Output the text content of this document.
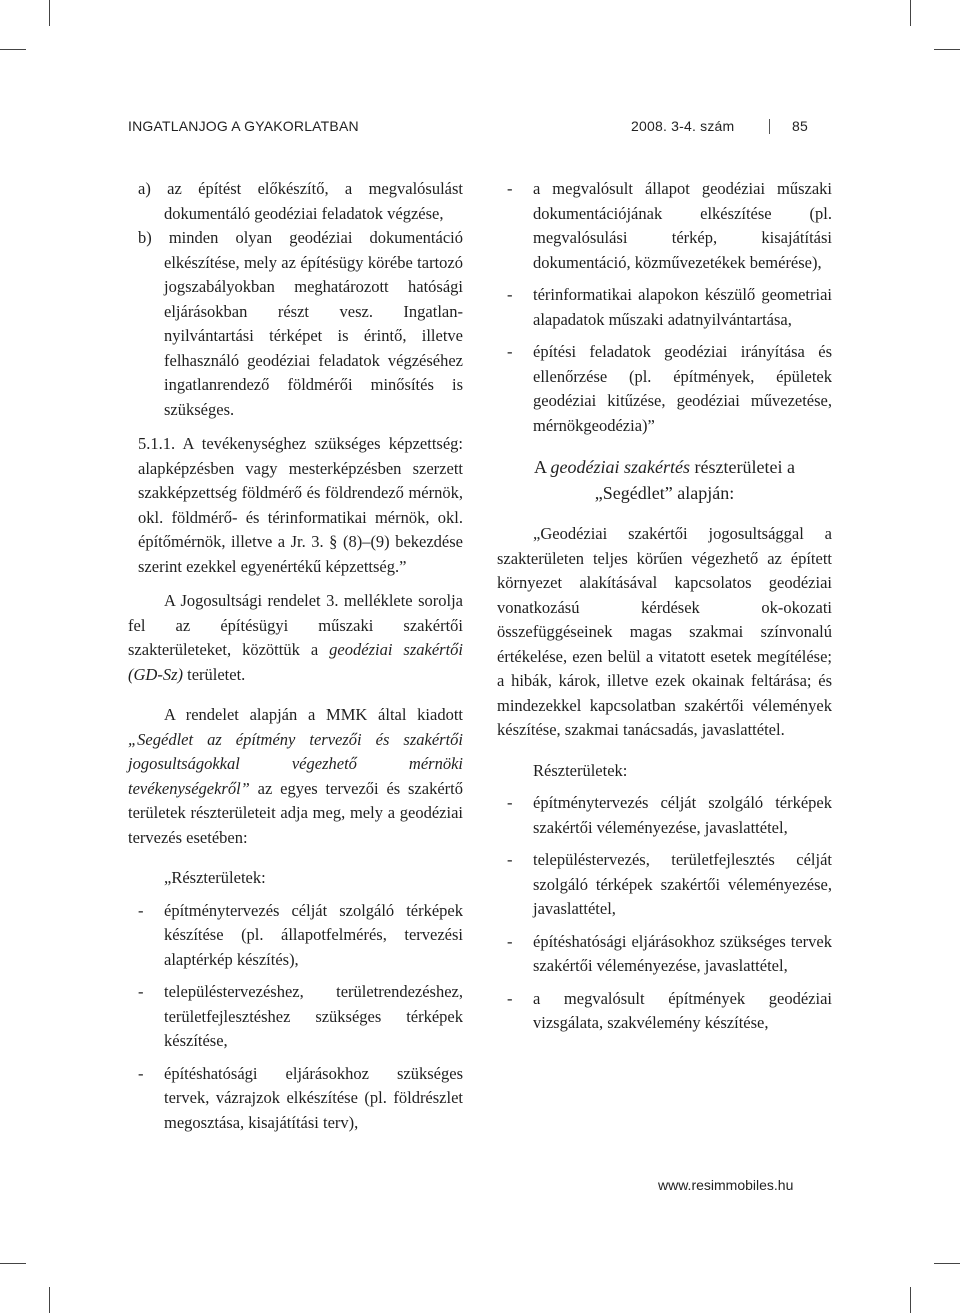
INGATLANJOG A GYAKORLATBAN	2008. 3-4. szám	85

a) az építést előkészítő, a megvalósulást dokumentáló geodéziai feladatok végzése,

b) minden olyan geodéziai dokumentáció elkészítése, mely az építésügy körébe tartozó jogszabályokban meghatározott hatósági eljárásokban részt vesz. Ingatlan-nyilvántartási térképet is érintő, illetve felhasználó geodéziai feladatok végzéséhez ingatlanrendező földmérői minősítés is szükséges.

5.1.1. A tevékenységhez szükséges képzettség: alapképzésben vagy mesterképzésben szerzett szakképzettség földmérő és földrendező mérnök, okl. földmérő- és térinformatikai mérnök, okl. építőmérnök, illetve a Jr. 3. § (8)–(9) bekezdése szerint ezekkel egyenértékű képzettség.”

A Jogosultsági rendelet 3. melléklete sorolja fel az építésügyi műszaki szakértői szakterületeket, közöttük a geodéziai szakértői (GD-Sz) területet.

A rendelet alapján a MMK által kiadott „Segédlet az építmény tervezői és szakértői jogosultságokkal végezhető mérnöki tevékenységekről” az egyes tervezői és szakértő területek részterületeit adja meg, mely a geodéziai tervezés esetében:

„Részterületek:

- építménytervezés célját szolgáló térképek készítése (pl. állapotfelmérés, tervezési alaptérkép készítés),

- településtervezéshez, területrendezéshez, területfejlesztéshez szükséges térképek készítése,

- építéshatósági eljárásokhoz szükséges tervek, vázrajzok elkészítése (pl. földrészlet megosztása, kisajátítási terv),

- a megvalósult állapot geodéziai műszaki dokumentációjának elkészítése (pl. megvalósulási térkép, kisajátítási dokumentáció, közművezetékek bemérése),

- térinformatikai alapokon készülő geometriai alapadatok műszaki adatnyilvántartása,

- építési feladatok geodéziai irányítása és ellenőrzése (pl. építmények, épületek geodéziai kitűzése, geodéziai művezetése, mérnökgeodézia)”

A geodéziai szakértés részterületei a „Segédlet” alapján:

„Geodéziai szakértői jogosultsággal a szakterületen teljes körűen végezhető az épített környezet alakításával kapcsolatos geodéziai vonatkozású kérdések ok-okozati összefüggéseinek magas szakmai színvonalú értékelése, ezen belül a vitatott esetek megítélése; a hibák, károk, illetve ezek okainak feltárása; és mindezekkel kapcsolatban szakértői vélemények készítése, szakmai tanácsadás, javaslattétel.

Részterületek:

- építménytervezés célját szolgáló térképek szakértői véleményezése, javaslattétel,

- településtervezés, területfejlesztés célját szolgáló térképek szakértői véleményezése, javaslattétel,

- építéshatósági eljárásokhoz szükséges tervek szakértői véleményezése, javaslattétel,

- a megvalósult építmények geodéziai vizsgálata, szakvélemény készítése,

www.resimmobiles.hu
